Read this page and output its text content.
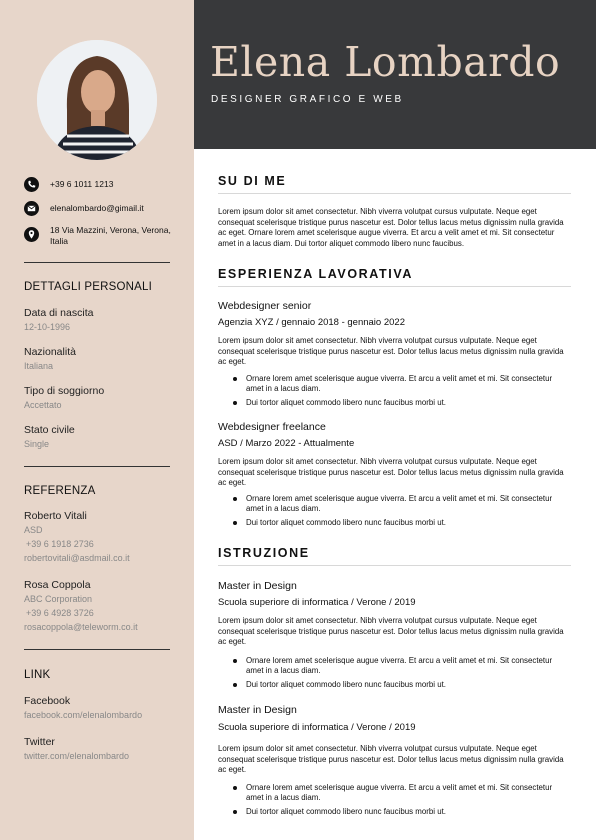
+39 6 1011 1213
elenalombardo@gimail.it
18 Via Mazzini, Verona, Verona, Italia
DETTAGLI PERSONALI
Data di nascita
12-10-1996
Nazionalità
Italiana
Tipo di soggiorno
Accettato
Stato civile
Single
REFERENZA
Roberto Vitali
ASD
+39 6 1918 2736
robertovitali@asdmail.co.it
Rosa Coppola
ABC Corporation
+39 6 4928 3726
rosacoppola@teleworm.co.it
LINK
Facebook
facebook.com/elenalombardo
Twitter
twitter.com/elenalombardo
Elena Lombardo
DESIGNER GRAFICO E WEB
SU DI ME
Lorem ipsum dolor sit amet consectetur. Nibh viverra volutpat cursus vulputate. Neque eget consequat scelerisque tristique purus nascetur est. Dolor tellus lacus metus dignissim nulla gravida ac eget. Ornare lorem amet scelerisque augue viverra. Et arcu a velit amet et mi. Sit consectetur amet in a lacus diam. Dui tortor aliquet commodo libero nunc faucibus.
ESPERIENZA LAVORATIVA
Webdesigner senior
Agenzia XYZ / gennaio 2018 - gennaio 2022
Lorem ipsum dolor sit amet consectetur. Nibh viverra volutpat cursus vulputate. Neque eget consequat scelerisque tristique purus nascetur est. Dolor tellus lacus metus dignissim nulla gravida ac eget.
Ornare lorem amet scelerisque augue viverra. Et arcu a velit amet et mi. Sit consectetur amet in a lacus diam.
Dui tortor aliquet commodo libero nunc faucibus morbi ut.
Webdesigner freelance
ASD / Marzo 2022 - Attualmente
Lorem ipsum dolor sit amet consectetur. Nibh viverra volutpat cursus vulputate. Neque eget consequat scelerisque tristique purus nascetur est. Dolor tellus lacus metus dignissim nulla gravida ac eget.
Ornare lorem amet scelerisque augue viverra. Et arcu a velit amet et mi. Sit consectetur amet in a lacus diam.
Dui tortor aliquet commodo libero nunc faucibus morbi ut.
ISTRUZIONE
Master in Design
Scuola superiore di informatica / Verone / 2019
Lorem ipsum dolor sit amet consectetur. Nibh viverra volutpat cursus vulputate. Neque eget consequat scelerisque tristique purus nascetur est. Dolor tellus lacus metus dignissim nulla gravida ac eget.
Ornare lorem amet scelerisque augue viverra. Et arcu a velit amet et mi. Sit consectetur amet in a lacus diam.
Dui tortor aliquet commodo libero nunc faucibus morbi ut.
Master in Design
Scuola superiore di informatica / Verone / 2019
Lorem ipsum dolor sit amet consectetur. Nibh viverra volutpat cursus vulputate. Neque eget consequat scelerisque tristique purus nascetur est. Dolor tellus lacus metus dignissim nulla gravida ac eget.
Ornare lorem amet scelerisque augue viverra. Et arcu a velit amet et mi. Sit consectetur amet in a lacus diam.
Dui tortor aliquet commodo libero nunc faucibus morbi ut.
